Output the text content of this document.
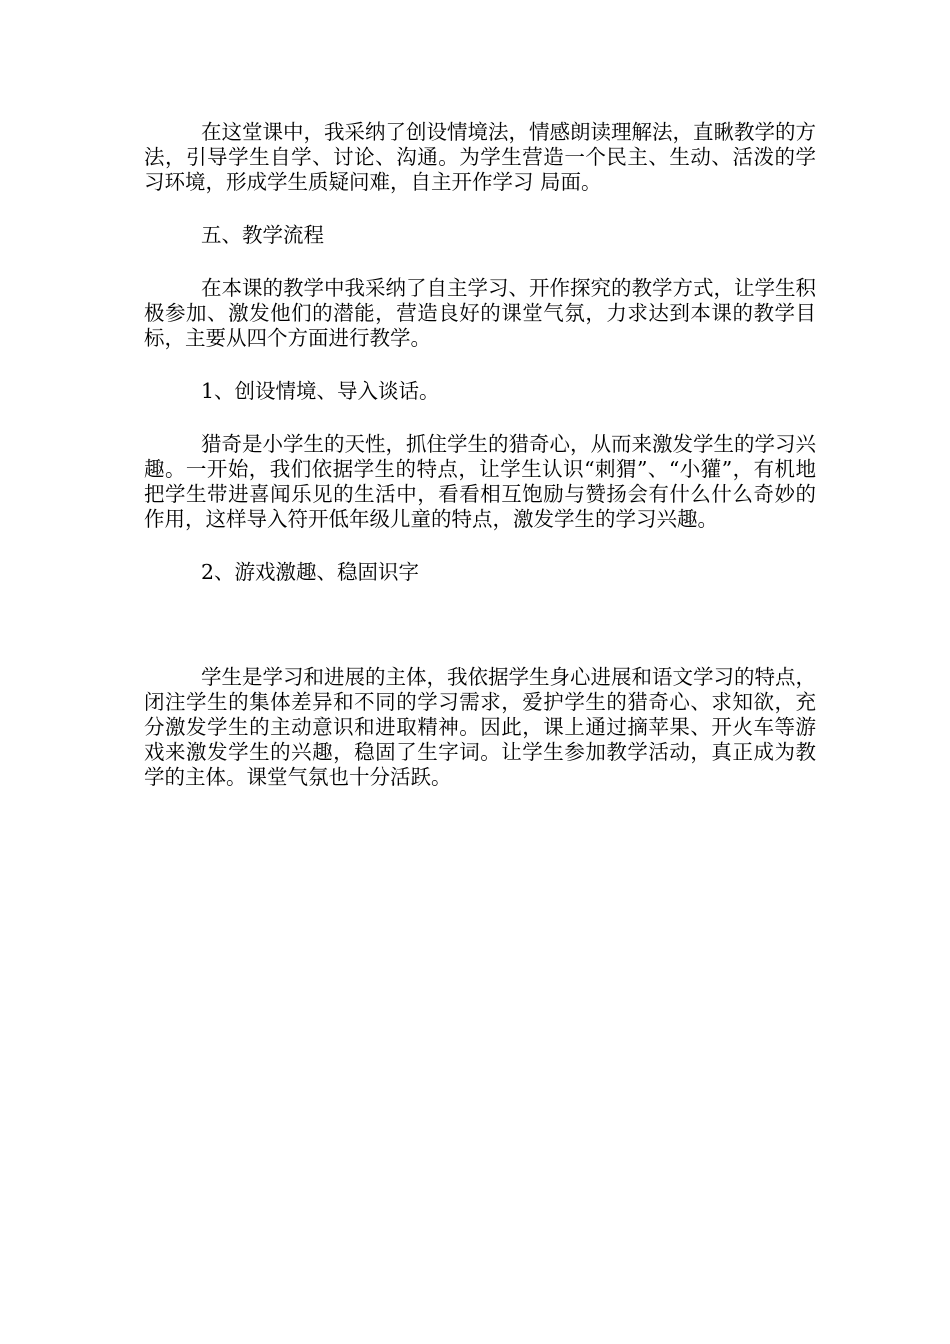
在这堂课中，我采纳了创设情境法，情感朗读理解法，直瞅教学的方法，引导学生自学、讨论、沟通。为学生营造一个民主、生动、活泼的学习环境，形成学生质疑问难，自主开作学习 局面。

五、教学流程

在本课的教学中我采纳了自主学习、开作探究的教学方式，让学生积极参加、激发他们的潜能，营造良好的课堂气氛，力求达到本课的教学目标，主要从四个方面进行教学。

1、创设情境、导入谈话。

猎奇是小学生的天性，抓住学生的猎奇心，从而来激发学生的学习兴趣。一开始，我们依据学生的特点，让学生认识“刺猬”、“小獾”，有机地把学生带进喜闻乐见的生活中，看看相互饱励与赞扬会有什么什么奇妙的作用，这样导入符开低年级儿童的特点，激发学生的学习兴趣。

2、游戏激趣、稳固识字

学生是学习和进展的主体，我依据学生身心进展和语文学习的特点，闭注学生的集体差异和不同的学习需求，爱护学生的猎奇心、求知欲，充分激发学生的主动意识和进取精神。因此，课上通过摘苹果、开火车等游戏来激发学生的兴趣，稳固了生字词。让学生参加教学活动，真正成为教学的主体。课堂气氛也十分活跃。
